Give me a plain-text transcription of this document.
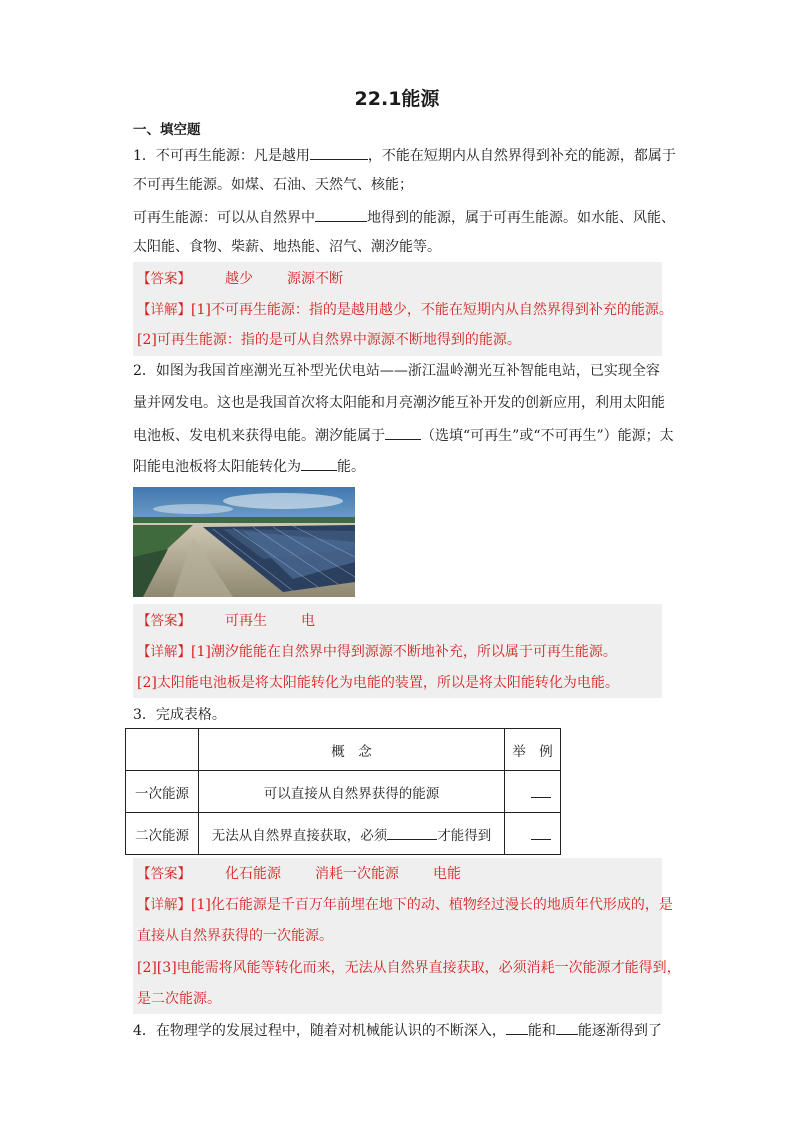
22.1能源
一、填空题
1．不可再生能源：凡是越用	，不能在短期内从自然界得到补充的能源，都属于
不可再生能源。如煤、石油、天然气、核能；
可再生能源：可以从自然界中	地得到的能源，属于可再生能源。如水能、风能、
太阳能、食物、柴薪、地热能、沼气、潮汐能等。
【答案】 越少 源源不断
【详解】[1]不可再生能源：指的是越用越少，不能在短期内从自然界得到补充的能源。
[2]可再生能源：指的是可从自然界中源源不断地得到的能源。
2．如图为我国首座潮光互补型光伏电站——浙江温岭潮光互补智能电站，已实现全容
量并网发电。这也是我国首次将太阳能和月亮潮汐能互补开发的创新应用，利用太阳能
电池板、发电机来获得电能。潮汐能属于	（选填“可再生”或“不可再生”）能源；太
阳能电池板将太阳能转化为	能。
【答案】 可再生 电
【详解】[1]潮汐能能在自然界中得到源源不断地补充，所以属于可再生能源。
[2]太阳能电池板是将太阳能转化为电能的装置，所以是将太阳能转化为电能。
3．完成表格。
	概　念	举　例
一次能源	可以直接从自然界获得的能源	
二次能源	无法从自然界直接获取，必须 才能得到	
【答案】 化石能源 消耗一次能源 电能
【详解】[1]化石能源是千百万年前埋在地下的动、植物经过漫长的地质年代形成的，是
直接从自然界获得的一次能源。
[2][3]电能需将风能等转化而来，无法从自然界直接获取，必须消耗一次能源才能得到，
是二次能源。
4．在物理学的发展过程中，随着对机械能认识的不断深入， 能和 能逐渐得到了
